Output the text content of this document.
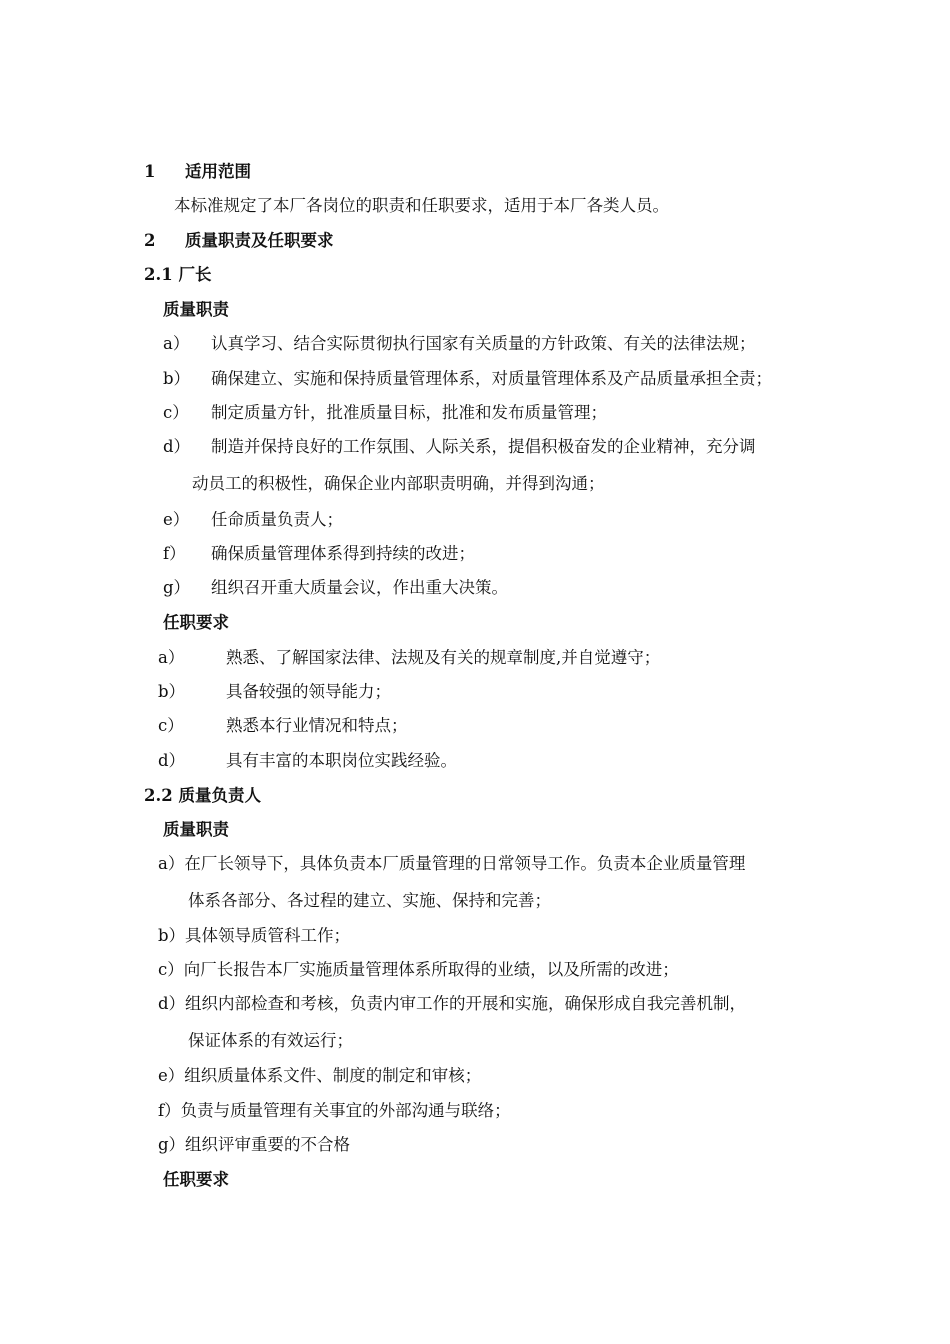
1 适用范围
本标准规定了本厂各岗位的职责和任职要求，适用于本厂各类人员。
2 质量职责及任职要求
2.1 厂长
质量职责
a） 认真学习、结合实际贯彻执行国家有关质量的方针政策、有关的法律法规；
b） 确保建立、实施和保持质量管理体系，对质量管理体系及产品质量承担全责；
c） 制定质量方针，批准质量目标，批准和发布质量管理；
d） 制造并保持良好的工作氛围、人际关系，提倡积极奋发的企业精神，充分调
动员工的积极性，确保企业内部职责明确，并得到沟通；
e） 任命质量负责人；
f） 确保质量管理体系得到持续的改进；
g） 组织召开重大质量会议，作出重大决策。
任职要求
a）	熟悉、了解国家法律、法规及有关的规章制度,并自觉遵守；
b） 具备较强的领导能力；
c）	熟悉本行业情况和特点；
d） 具有丰富的本职岗位实践经验。
2.2 质量负责人
质量职责
a）在厂长领导下，具体负责本厂质量管理的日常领导工作。负责本企业质量管理
体系各部分、各过程的建立、实施、保持和完善；
b）具体领导质管科工作；
c）向厂长报告本厂实施质量管理体系所取得的业绩，以及所需的改进；
d）组织内部检查和考核，负责内审工作的开展和实施，确保形成自我完善机制，
保证体系的有效运行；
e）组织质量体系文件、制度的制定和审核；
f）负责与质量管理有关事宜的外部沟通与联络；
g）组织评审重要的不合格
任职要求
